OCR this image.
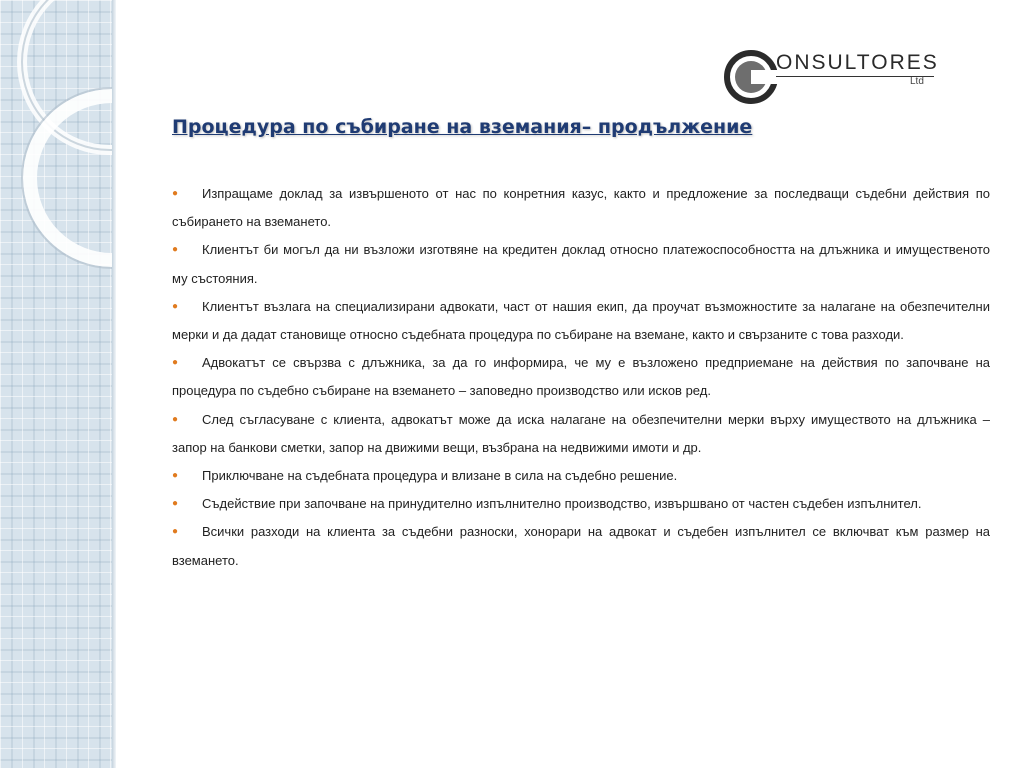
ONSULTORES
Ltd
Процедура по събиране на вземания– продължение

● Изпращаме доклад за извършеното от нас по конретния казус, както и предложение за последващи съдебни действия по събирането на вземането.

● Клиентът би могъл да ни възложи изготвяне на кредитен доклад относно платежоспособността на длъжника и имущественото му състояния.

● Клиентът възлага на специализирани адвокати, част от нашия екип, да проучат възможностите за налагане на обезпечителни мерки и да дадат становище относно съдебната процедура по събиране на вземане, както и свързаните с това разходи.

● Адвокатът се свързва с длъжника, за да го информира, че му е възложено предприемане на действия по започване на процедура по съдебно събиране на вземането – заповедно производство или исков ред.

● След съгласуване с клиента, адвокатът може да иска налагане на обезпечителни мерки върху имуществото на длъжника – запор на банкови сметки, запор на движими вещи, възбрана на недвижими имоти и др.

● Приключване на съдебната процедура и влизане в сила на съдебно решение.

● Съдействие при започване на принудително изпълнително производство, извършвано от частен съдебен изпълнител.

● Всички разходи на клиента за съдебни разноски, хонорари на адвокат и съдебен изпълнител се включват към размер на вземането.
